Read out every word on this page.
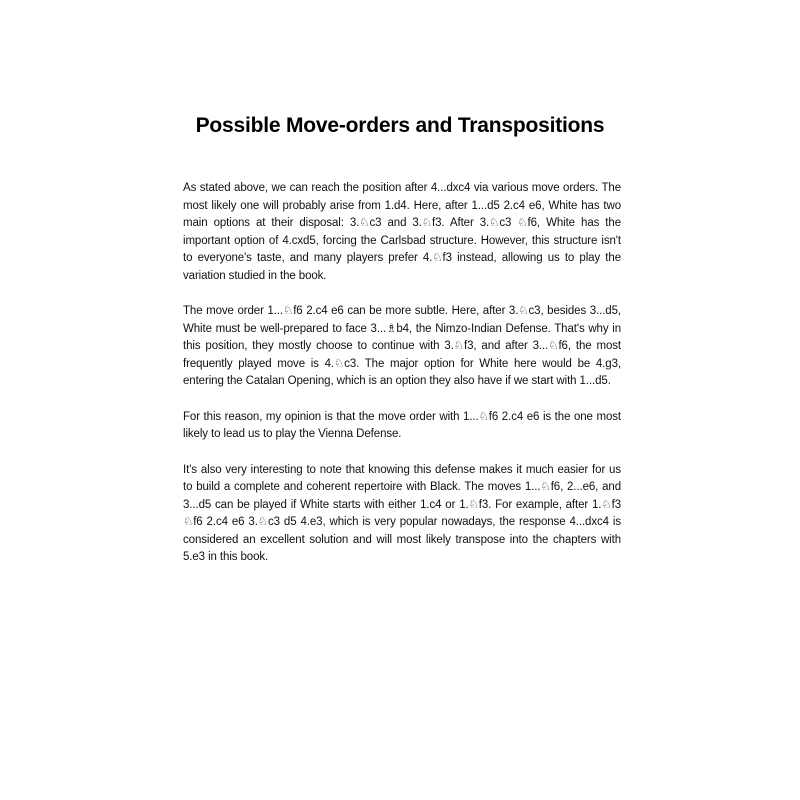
Possible Move-orders and Transpositions

As stated above, we can reach the position after 4...dxc4 via various move orders. The most likely one will probably arise from 1.d4. Here, after 1...d5 2.c4 e6, White has two main options at their disposal: 3.♘c3 and 3.♘f3. After 3.♘c3 ♘f6, White has the important option of 4.cxd5, forcing the Carlsbad structure. However, this structure isn't to everyone's taste, and many players prefer 4.♘f3 instead, allowing us to play the variation studied in the book.

The move order 1...♘f6 2.c4 e6 can be more subtle. Here, after 3.♘c3, besides 3...d5, White must be well-prepared to face 3...♗b4, the Nimzo-Indian Defense. That's why in this position, they mostly choose to continue with 3.♘f3, and after 3...♘f6, the most frequently played move is 4.♘c3. The major option for White here would be 4.g3, entering the Catalan Opening, which is an option they also have if we start with 1...d5.

For this reason, my opinion is that the move order with 1...♘f6 2.c4 e6 is the one most likely to lead us to play the Vienna Defense.

It's also very interesting to note that knowing this defense makes it much easier for us to build a complete and coherent repertoire with Black. The moves 1...♘f6, 2...e6, and 3...d5 can be played if White starts with either 1.c4 or 1.♘f3. For example, after 1.♘f3 ♘f6 2.c4 e6 3.♘c3 d5 4.e3, which is very popular nowadays, the response 4...dxc4 is considered an excellent solution and will most likely transpose into the chapters with 5.e3 in this book.
